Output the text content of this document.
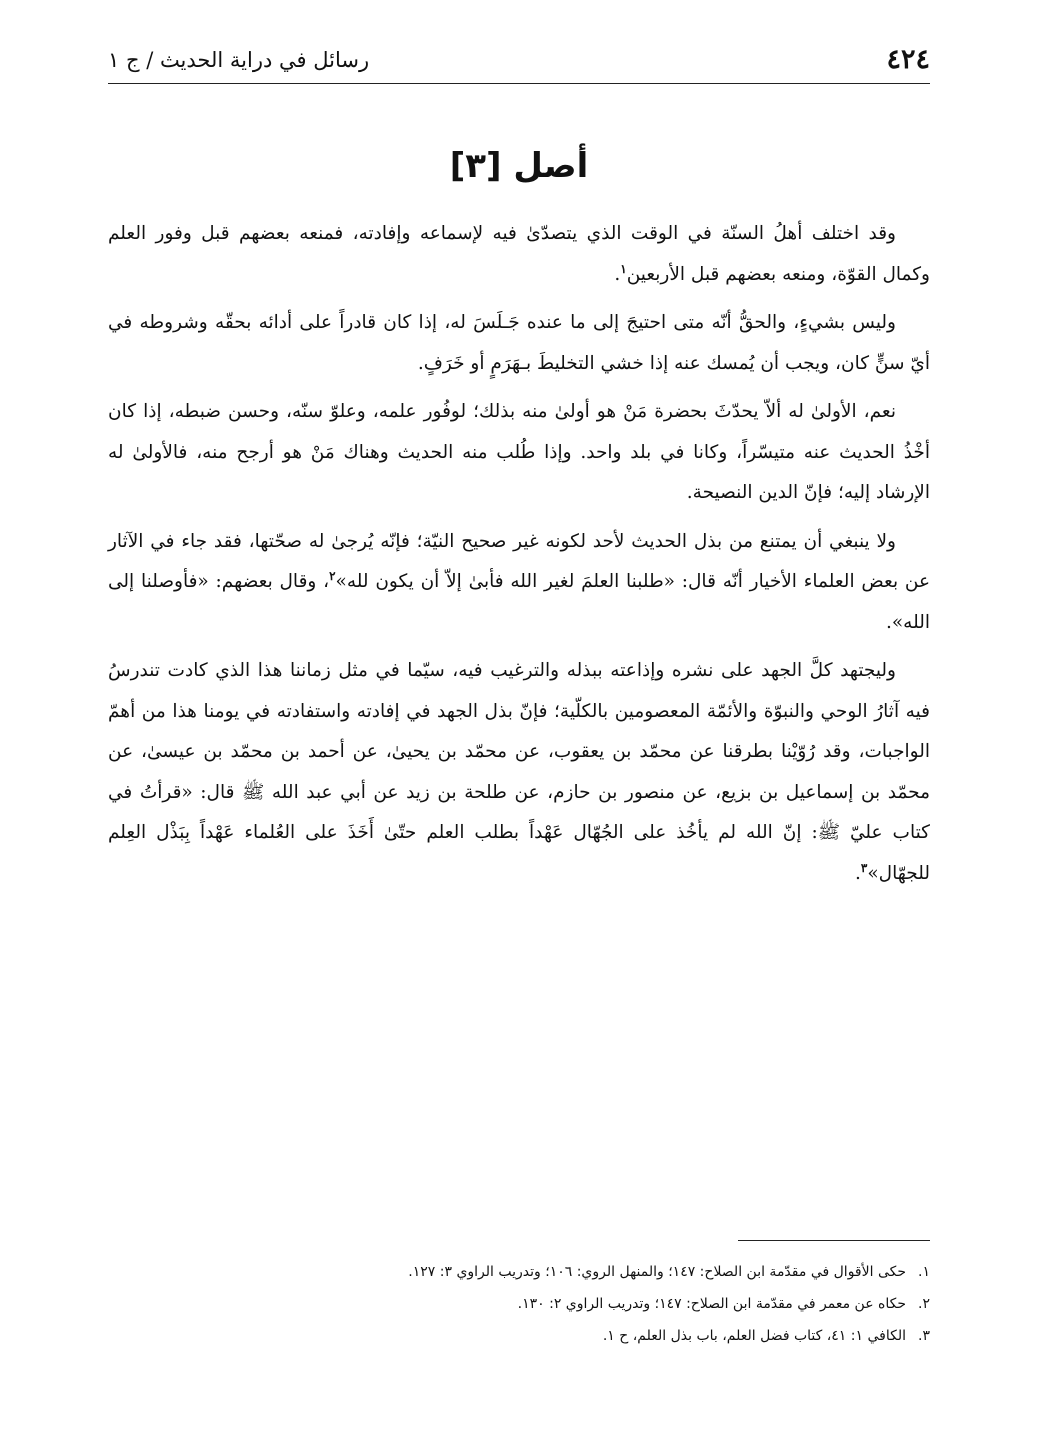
٤٢٤
رسائل في دراية الحديث / ج ١
أصل [٣]

وقد اختلف أهلُ السنّة في الوقت الذي يتصدّىٰ فيه لإسماعه وإفادته، فمنعه بعضهم قبل وفور العلم وكمال القوّة، ومنعه بعضهم قبل الأربعين$^١$.

وليس بشيءٍ، والحقُّ أنّه متى احتيجَ إلى ما عنده جَـلَسَ له، إذا كان قادراً على أدائه بحقّه وشروطه في أيّ سنٍّ كان، ويجب أن يُمسك عنه إذا خشي التخليطَ بـهَرَمٍ أو خَرَفٍ.

نعم، الأولىٰ له ألاّ يحدّثَ بحضرة مَنْ هو أولىٰ منه بذلك؛ لوفُور علمه، وعلوّ سنّه، وحسن ضبطه، إذا كان أخْذُ الحديث عنه متيسّراً، وكانا في بلد واحد. وإذا طُلب منه الحديث وهناك مَنْ هو أرجح منه، فالأولىٰ له الإرشاد إليه؛ فإنّ الدين النصيحة.

ولا ينبغي أن يمتنع من بذل الحديث لأحد لكونه غير صحيح النيّة؛ فإنّه يُرجىٰ له صحّتها، فقد جاء في الآثار عن بعض العلماء الأخيار أنّه قال: «طلبنا العلمَ لغير الله فأبىٰ إلاّ أن يكون لله»$^٢$، وقال بعضهم: «فأوصلنا إلى الله».

وليجتهد كلَّ الجهد على نشره وإذاعته ببذله والترغيب فيه، سيّما في مثل زماننا هذا الذي كادت تندرسُ فيه آثارُ الوحي والنبوّة والأئمّة المعصومين بالكلّية؛ فإنّ بذل الجهد في إفادته واستفادته في يومنا هذا من أهمّ الواجبات، وقد رُوّيْنا بطرقنا عن محمّد بن يعقوب، عن محمّد بن يحيىٰ، عن أحمد بن محمّد بن عيسىٰ، عن محمّد بن إسماعيل بن بزيع، عن منصور بن حازم، عن طلحة بن زيد عن أبي عبد الله ﷺ قال: «قرأتُ في كتاب عليّ ﷺ: إنّ الله لم يأخُذ على الجُهّال عَهْداً بطلب العلم حتّىٰ أَخَذَ على العُلماء عَهْداً بِبَذْل العِلم للجهّال»$^٣$.

١.
حكى الأقوال في مقدّمة ابن الصلاح: ١٤٧؛ والمنهل الروي: ١٠٦؛ وتدريب الراوي ٣: ١٢٧.
٢.
حكاه عن معمر في مقدّمة ابن الصلاح: ١٤٧؛ وتدريب الراوي ٢: ١٣٠.
٣.
الكافي ١: ٤١، كتاب فضل العلم، باب بذل العلم، ح ١.
